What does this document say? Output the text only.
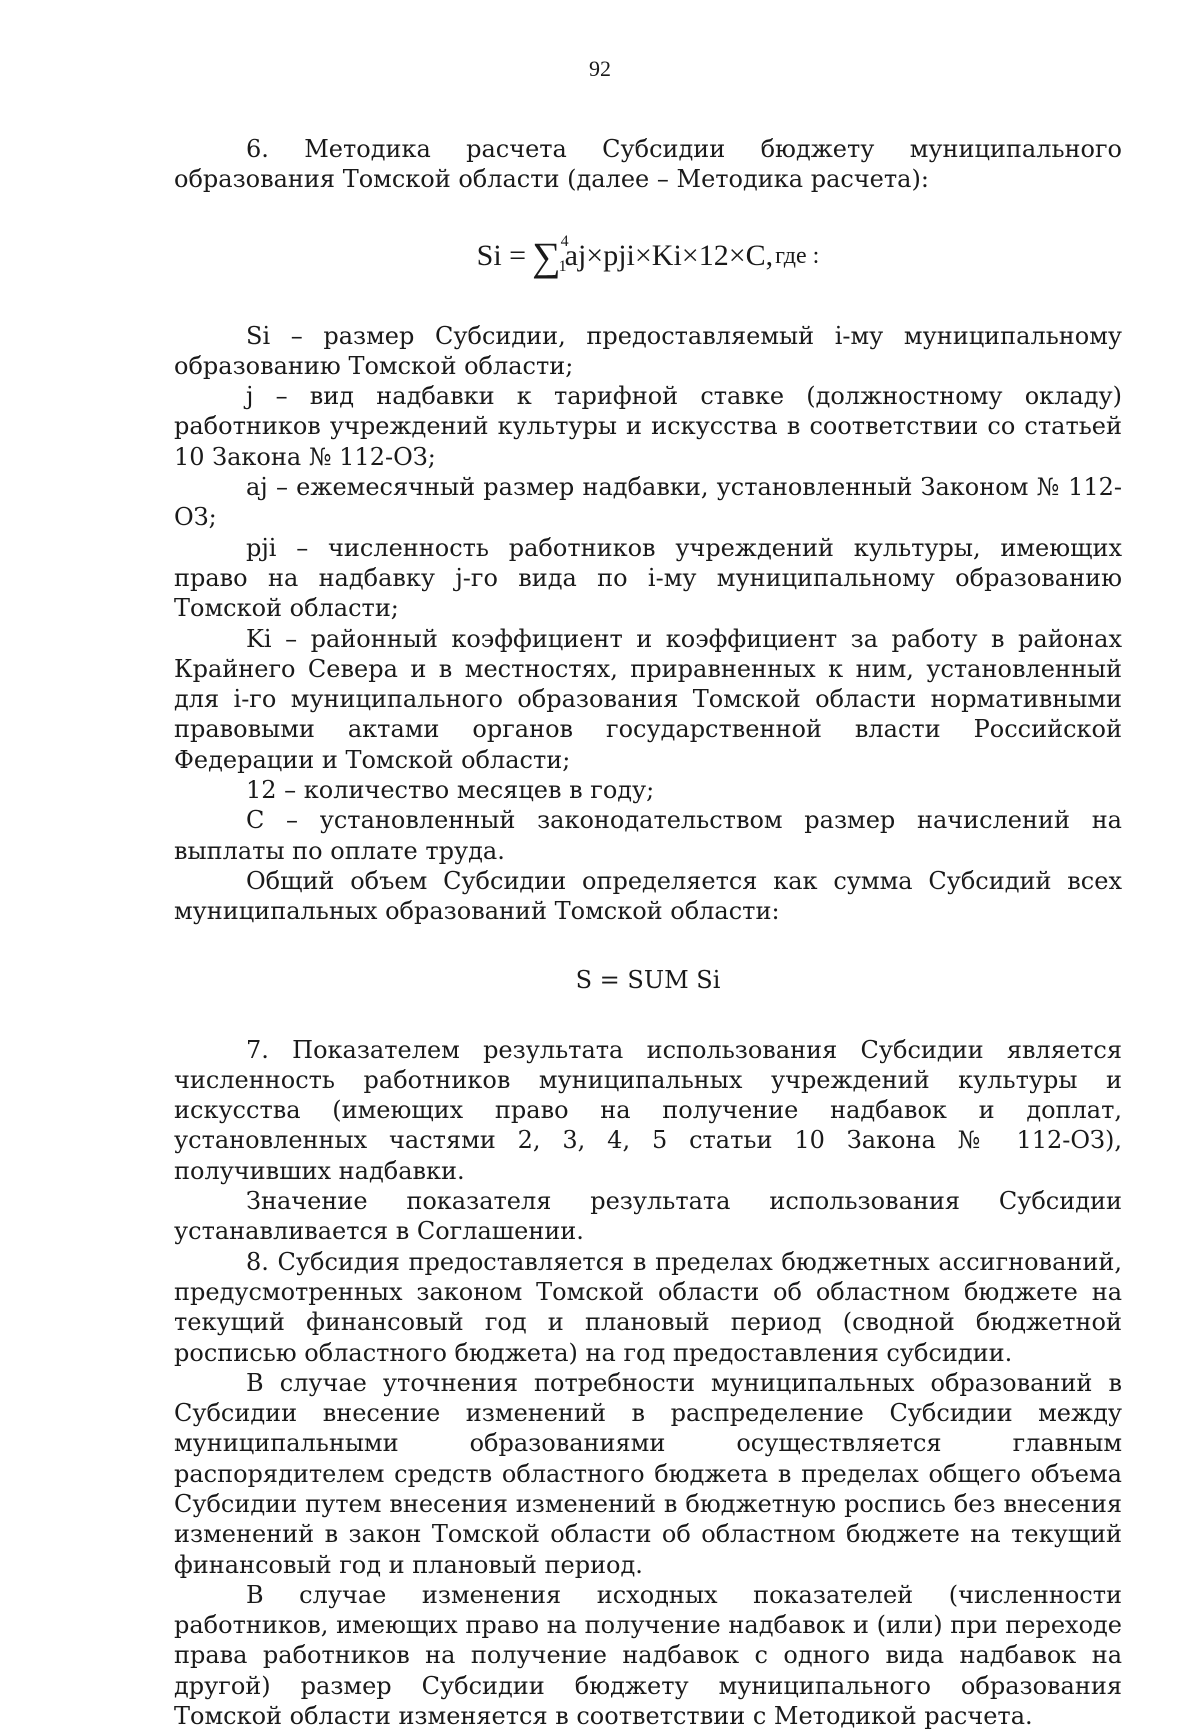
92

6. Методика расчета Субсидии бюджету муниципального образования Томской области (далее – Методика расчета):

Si = ∑ 4
1
aj×pji×Ki×12×C, где :

Si – размер Субсидии, предоставляемый i-му муниципальному образованию Томской области;

j – вид надбавки к тарифной ставке (должностному окладу) работников учреждений культуры и искусства в соответствии со статьей 10 Закона № 112-ОЗ;

aj – ежемесячный размер надбавки, установленный Законом № 112-ОЗ;

pji – численность работников учреждений культуры, имеющих право на надбавку j-го вида по i-му муниципальному образованию Томской области;

Ki – районный коэффициент и коэффициент за работу в районах Крайнего Севера и в местностях, приравненных к ним, установленный для i-го муниципального образования Томской области нормативными правовыми актами органов государственной власти Российской Федерации и Томской области;

12 – количество месяцев в году;

С – установленный законодательством размер начислений на выплаты по оплате труда.

Общий объем Субсидии определяется как сумма Субсидий всех муниципальных образований Томской области:

S = SUM Si

7. Показателем результата использования Субсидии является численность работников муниципальных учреждений культуры и искусства (имеющих право на получение надбавок и доплат, установленных частями 2, 3, 4, 5 статьи 10 Закона № 112-ОЗ), получивших надбавки.

Значение показателя результата использования Субсидии устанавливается в Соглашении.

8. Субсидия предоставляется в пределах бюджетных ассигнований, предусмотренных законом Томской области об областном бюджете на текущий финансовый год и плановый период (сводной бюджетной росписью областного бюджета) на год предоставления субсидии.

В случае уточнения потребности муниципальных образований в Субсидии внесение изменений в распределение Субсидии между муниципальными образованиями осуществляется главным распорядителем средств областного бюджета в пределах общего объема Субсидии путем внесения изменений в бюджетную роспись без внесения изменений в закон Томской области об областном бюджете на текущий финансовый год и плановый период.

В случае изменения исходных показателей (численности работников, имеющих право на получение надбавок и (или) при переходе права работников на получение надбавок с одного вида надбавок на другой) размер Субсидии бюджету муниципального образования Томской области изменяется в соответствии с Методикой расчета.
